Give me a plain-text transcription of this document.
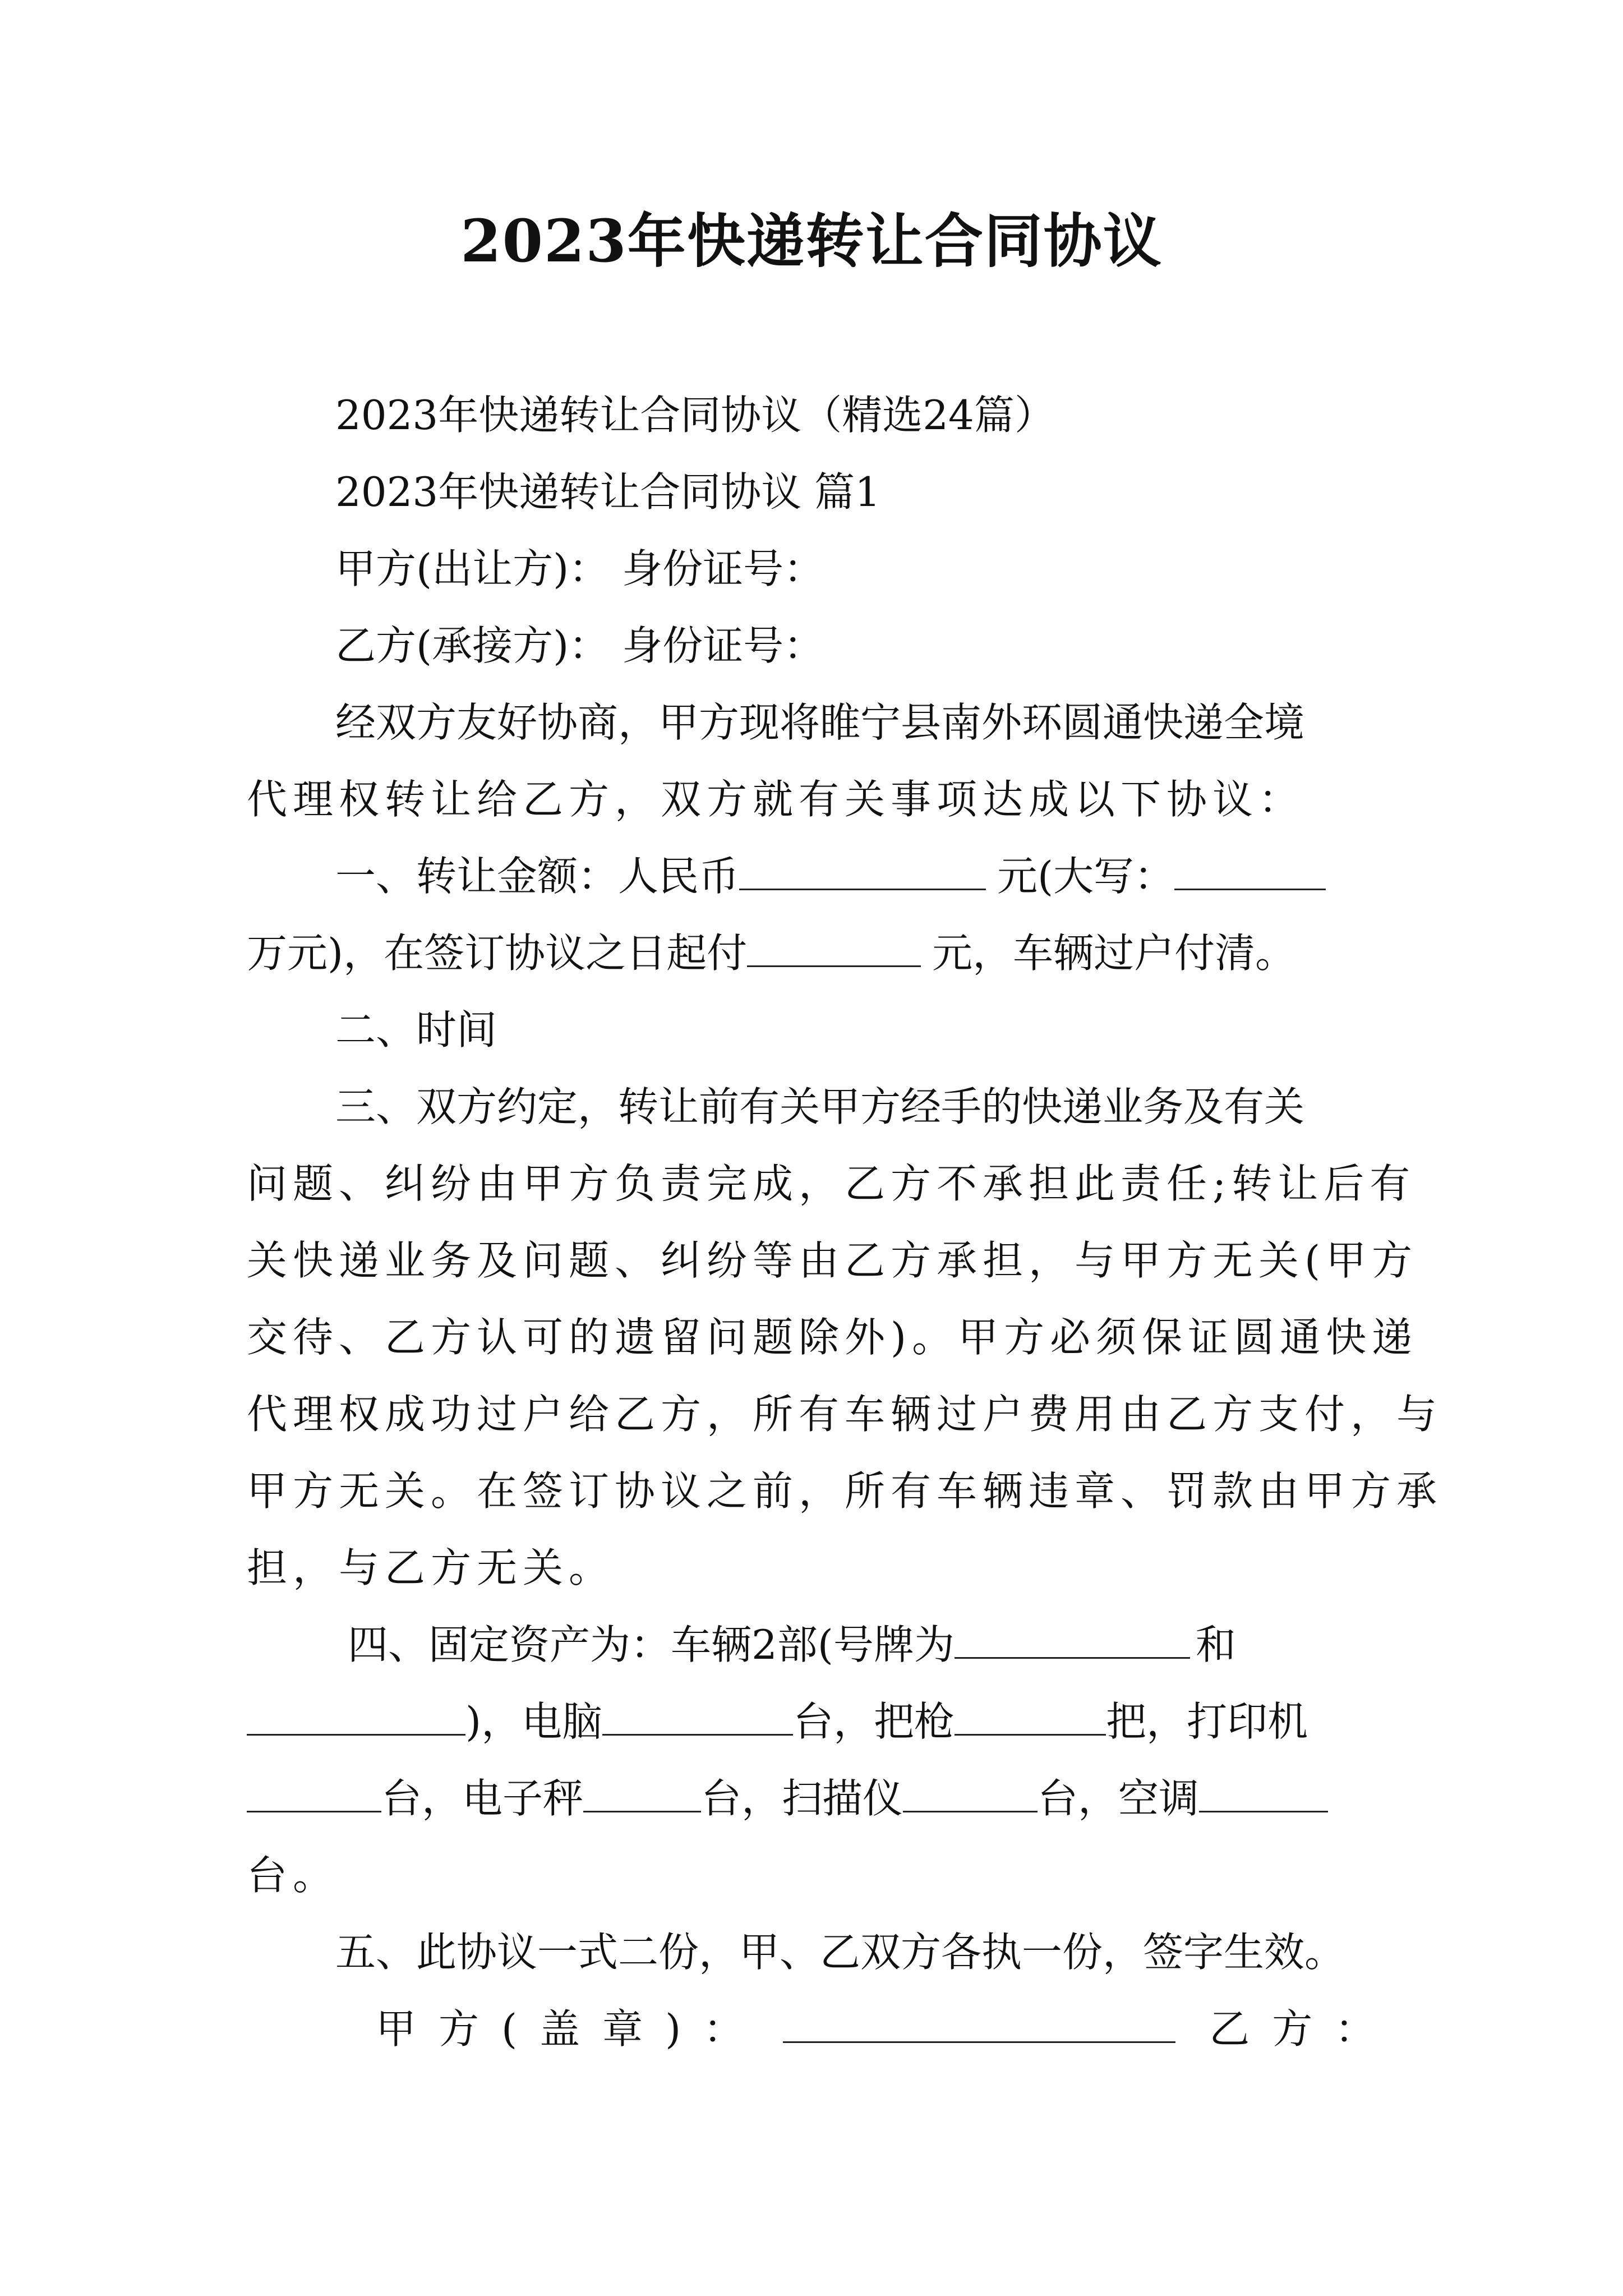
2023年快递转让合同协议
2023年快递转让合同协议（精选24篇）
2023年快递转让合同协议 篇1
甲方(出让方)： 身份证号：
乙方(承接方)： 身份证号：
经双方友好协商，甲方现将睢宁县南外环圆通快递全境
代理权转让给乙方，双方就有关事项达成以下协议：
一、转让金额：人民币	元(大写：
万元)，在签订协议之日起付	元，车辆过户付清。
二、时间
三、双方约定，转让前有关甲方经手的快递业务及有关
问题、纠纷由甲方负责完成，乙方不承担此责任;转让后有
关快递业务及问题、纠纷等由乙方承担，与甲方无关(甲方
交待、乙方认可的遗留问题除外)。甲方必须保证圆通快递
代理权成功过户给乙方，所有车辆过户费用由乙方支付，与
甲方无关。在签订协议之前，所有车辆违章、罚款由甲方承
担，与乙方无关。
四、固定资产为：车辆2部(号牌为	和
)，电脑	台，把枪	把，打印机
台，电子秤	台，扫描仪	台，空调
台。
五、此协议一式二份，甲、乙双方各执一份，签字生效。
甲方(盖章)：	乙方：
